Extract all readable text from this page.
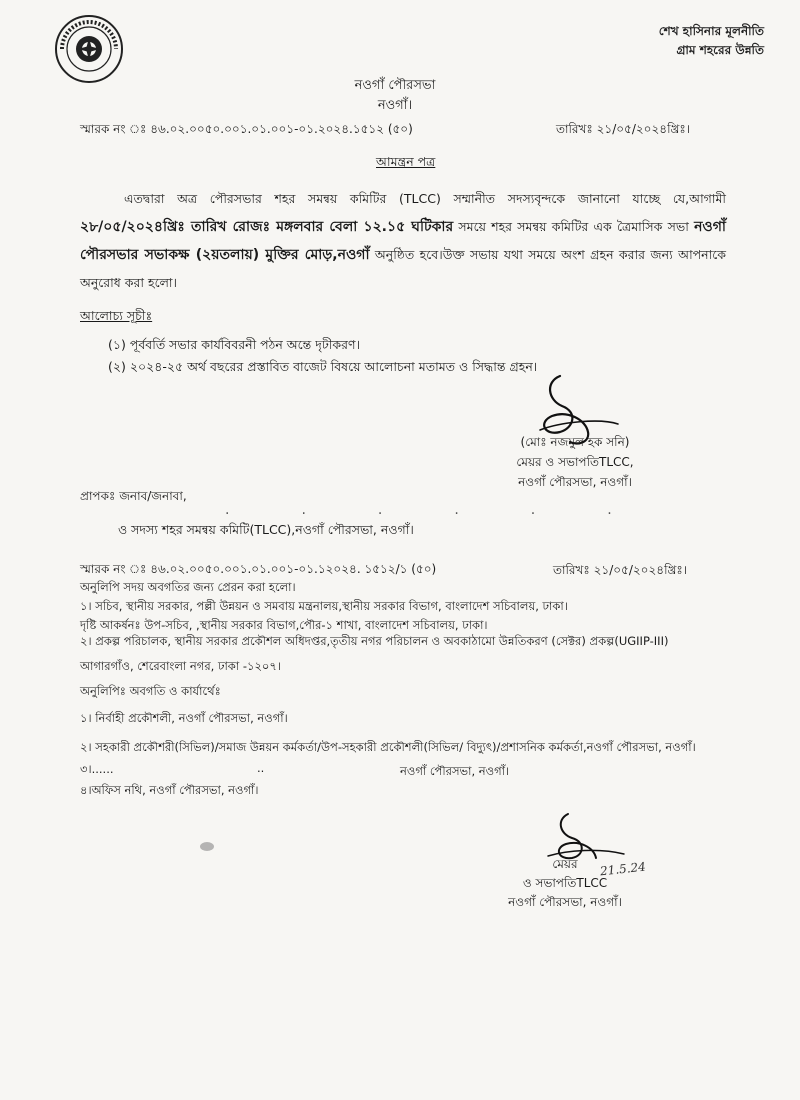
শেখ হাসিনার মূলনীতি
গ্রাম শহরের উন্নতি
নওগাঁ পৌরসভা
নওগাঁ।
স্মারক নং ঃ ৪৬.০২.০০৫০.০০১.০১.০০১-০১.২০২৪.১৫১২ (৫০)	তারিখঃ ২১/০৫/২০২৪খ্রিঃ।
আমন্ত্রন পত্র
এতদ্বারা অত্র পৌরসভার শহর সমন্বয় কমিটির (TLCC) সম্মানীত সদস্যবৃন্দকে জানানো যাচ্ছে যে,আগামী ২৮/০৫/২০২৪খ্রিঃ তারিখ রোজঃ মঙ্গলবার বেলা ১২.১৫ ঘটিকার সময়ে শহর সমন্বয় কমিটির এক ত্রৈমাসিক সভা নওগাঁ পৌরসভার সভাকক্ষ (২য়তলায়) মুক্তির মোড়,নওগাঁ অনুষ্ঠিত হবে।উক্ত সভায় যথা সময়ে অংশ গ্রহন করার জন্য আপনাকে অনুরোধ করা হলো।
আলোচ্য সূচীঃ
(১) পূর্ববর্তি সভার কার্যবিবরনী পঠন অন্তে দৃঢীকরণ।
(২) ২০২৪-২৫ অর্থ বছরের প্রস্তাবিত বাজেট বিষয়ে আলোচনা মতামত ও সিদ্ধান্ত গ্রহন।
(মোঃ নজমুল হক সনি)
মেয়র ও সভাপতিTLCC,
নওগাঁ পৌরসভা, নওগাঁ।
প্রাপকঃ জনাব/জনাবা,
......
ও সদস্য শহর সমন্বয় কমিটি(TLCC),নওগাঁ পৌরসভা, নওগাঁ।
স্মারক নং ঃ ৪৬.০২.০০৫০.০০১.০১.০০১-০১.১২০২৪. ১৫১২/১ (৫০)	তারিখঃ ২১/০৫/২০২৪খ্রিঃ।
অনুলিপি সদয় অবগতির জন্য প্রেরন করা হলো।
১। সচিব, স্থানীয় সরকার, পল্লী উন্নয়ন ও সমবায় মন্ত্রনালয়,স্থানীয় সরকার বিভাগ, বাংলাদেশ সচিবালয়, ঢাকা।
দৃষ্টি আকর্ষনঃ উপ-সচিব, ,স্থানীয় সরকার বিভাগ,পৌর-১ শাখা, বাংলাদেশ সচিবালয়, ঢাকা।
২। প্রকল্প পরিচালক, স্থানীয় সরকার প্রকৌশল অধিদপ্তর,তৃতীয় নগর পরিচালন ও অবকাঠামো উন্নতিকরণ (সেক্টর) প্রকল্প(UGIIP-III)
আগারগাঁও, শেরেবাংলা নগর, ঢাকা -১২০৭।
অনুলিপিঃ অবগতি ও কার্যার্থেঃ
১। নির্বাহী প্রকৌশলী, নওগাঁ পৌরসভা, নওগাঁ।
২। সহকারী প্রকৌশরী(সিভিল)/সমাজ উন্নয়ন কর্মকর্তা/উপ-সহকারী প্রকৌশলী(সিভিল/ বিদ্যুৎ)/প্রশাসনিক কর্মকর্তা,নওগাঁ পৌরসভা, নওগাঁ।
৩।......	..	নওগাঁ পৌরসভা, নওগাঁ।
৪।অফিস নথি, নওগাঁ পৌরসভা, নওগাঁ।
21.5.24
মেয়র
ও সভাপতিTLCC
নওগাঁ পৌরসভা, নওগাঁ।
